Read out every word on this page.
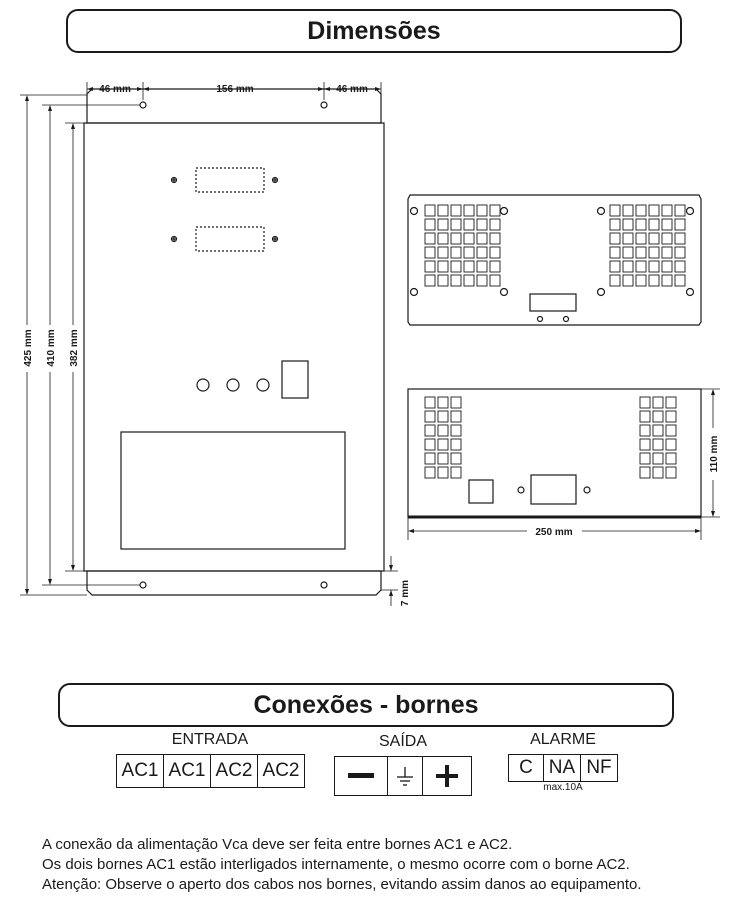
Dimensões
46 mm	156 mm	46 mm
425 mm 410 mm 382 mm
7 mm
110 mm
250 mm
Conexões - bornes
ENTRADA
AC1 AC1 AC2 AC2
SAÍDA	ALARME
C NA NF
max.10A
A conexão da alimentação Vca deve ser feita entre bornes AC1 e AC2.
Os dois bornes AC1 estão interligados internamente, o mesmo ocorre com o borne AC2.
Atenção: Observe o aperto dos cabos nos bornes, evitando assim danos ao equipamento.
